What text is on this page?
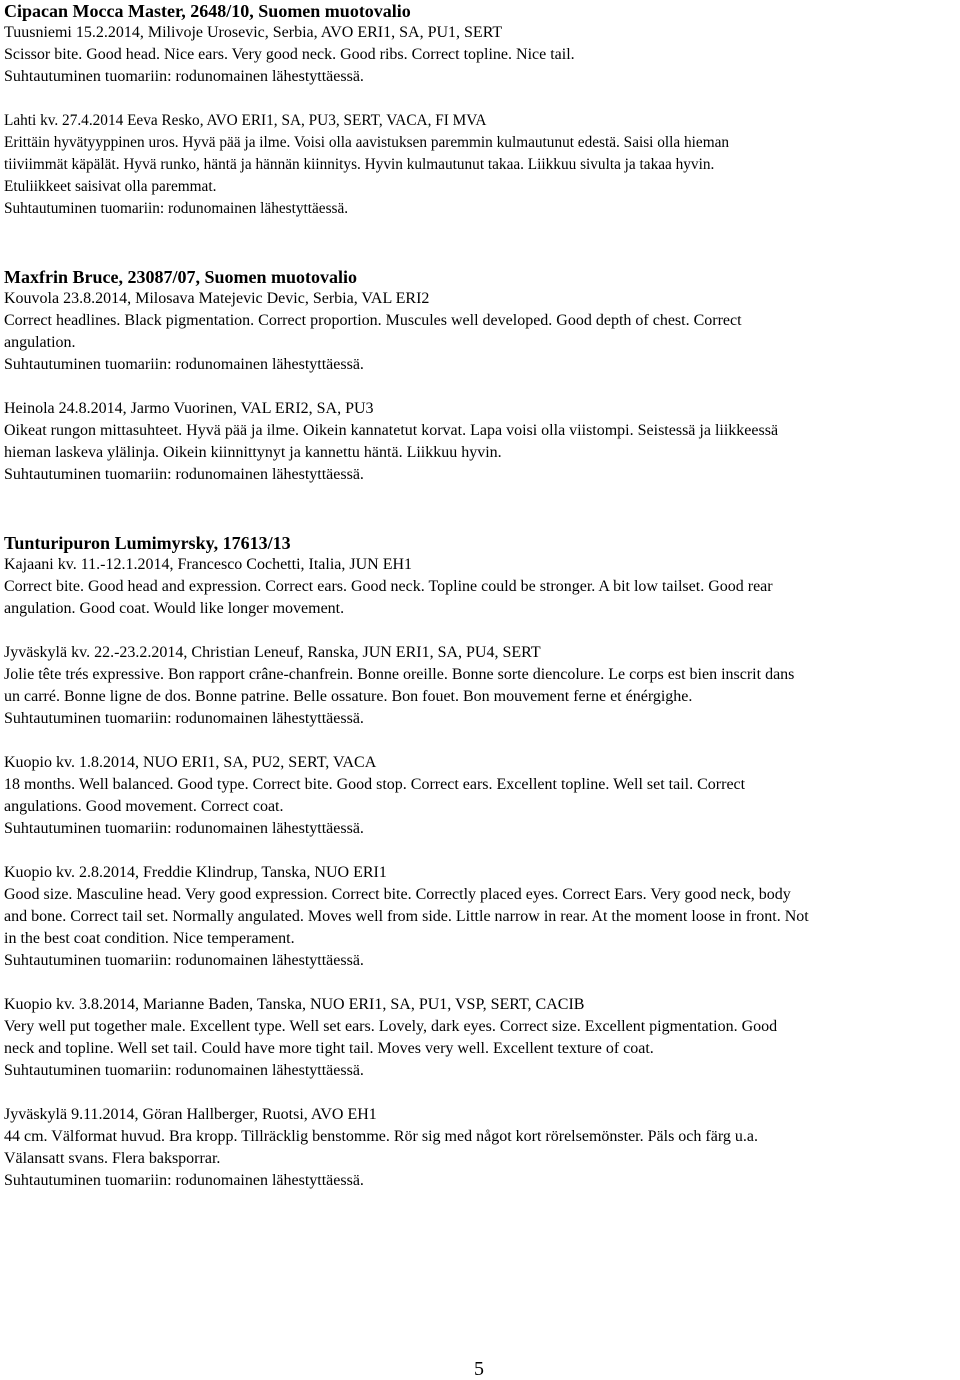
Cipacan Mocca Master, 2648/10, Suomen muotovalio
Tuusniemi 15.2.2014, Milivoje Urosevic, Serbia, AVO ERI1, SA, PU1, SERT
Scissor bite. Good head. Nice ears. Very good neck. Good ribs. Correct topline. Nice tail.
Suhtautuminen tuomariin: rodunomainen lähestyttäessä.
Lahti kv. 27.4.2014 Eeva Resko, AVO ERI1, SA, PU3, SERT, VACA, FI MVA
Erittäin hyvätyyppinen uros. Hyvä pää ja ilme. Voisi olla aavistuksen paremmin kulmautunut edestä. Saisi olla hieman
tiiviimmät käpälät. Hyvä runko, häntä ja hännän kiinnitys. Hyvin kulmautunut takaa. Liikkuu sivulta ja takaa hyvin.
Etuliikkeet saisivat olla paremmat.
Suhtautuminen tuomariin: rodunomainen lähestyttäessä.
Maxfrin Bruce, 23087/07, Suomen muotovalio
Kouvola 23.8.2014, Milosava Matejevic Devic, Serbia, VAL ERI2
Correct headlines. Black pigmentation. Correct proportion. Muscules well developed. Good depth of chest. Correct
angulation.
Suhtautuminen tuomariin: rodunomainen lähestyttäessä.
Heinola 24.8.2014, Jarmo Vuorinen, VAL ERI2, SA, PU3
Oikeat rungon mittasuhteet. Hyvä pää ja ilme. Oikein kannatetut korvat. Lapa voisi olla viistompi. Seistessä ja liikkeessä
hieman laskeva ylälinja. Oikein kiinnittynyt ja kannettu häntä. Liikkuu hyvin.
Suhtautuminen tuomariin: rodunomainen lähestyttäessä.
Tunturipuron Lumimyrsky, 17613/13
Kajaani kv. 11.-12.1.2014, Francesco Cochetti, Italia, JUN EH1
Correct bite. Good head and expression. Correct ears. Good neck. Topline could be stronger. A bit low tailset. Good rear
angulation. Good coat. Would like longer movement.
Jyväskylä kv. 22.-23.2.2014, Christian Leneuf, Ranska, JUN ERI1, SA, PU4, SERT
Jolie tête trés expressive. Bon rapport crâne-chanfrein. Bonne oreille. Bonne sorte diencolure. Le corps est bien inscrit dans
un carré. Bonne ligne de dos. Bonne patrine. Belle ossature. Bon fouet. Bon mouvement ferne et énérgighe.
Suhtautuminen tuomariin: rodunomainen lähestyttäessä.
Kuopio kv. 1.8.2014, NUO ERI1, SA, PU2, SERT, VACA
18 months. Well balanced. Good type. Correct bite. Good stop. Correct ears. Excellent topline. Well set tail. Correct
angulations. Good movement. Correct coat.
Suhtautuminen tuomariin: rodunomainen lähestyttäessä.
Kuopio kv. 2.8.2014, Freddie Klindrup, Tanska, NUO ERI1
Good size. Masculine head. Very good expression. Correct bite. Correctly placed eyes. Correct Ears. Very good neck, body
and bone. Correct tail set. Normally angulated. Moves well from side. Little narrow in rear. At the moment loose in front. Not
in the best coat condition. Nice temperament.
Suhtautuminen tuomariin: rodunomainen lähestyttäessä.
Kuopio kv. 3.8.2014, Marianne Baden, Tanska, NUO ERI1, SA, PU1, VSP, SERT, CACIB
Very well put together male. Excellent type. Well set ears. Lovely, dark eyes. Correct size. Excellent pigmentation. Good
neck and topline. Well set tail. Could have more tight tail. Moves very well. Excellent texture of coat.
Suhtautuminen tuomariin: rodunomainen lähestyttäessä.
Jyväskylä 9.11.2014, Göran Hallberger, Ruotsi, AVO EH1
44 cm. Välformat huvud. Bra kropp. Tillräcklig benstomme. Rör sig med något kort rörelsemönster. Päls och färg u.a.
Välansatt svans. Flera baksporrar.
Suhtautuminen tuomariin: rodunomainen lähestyttäessä.
5
